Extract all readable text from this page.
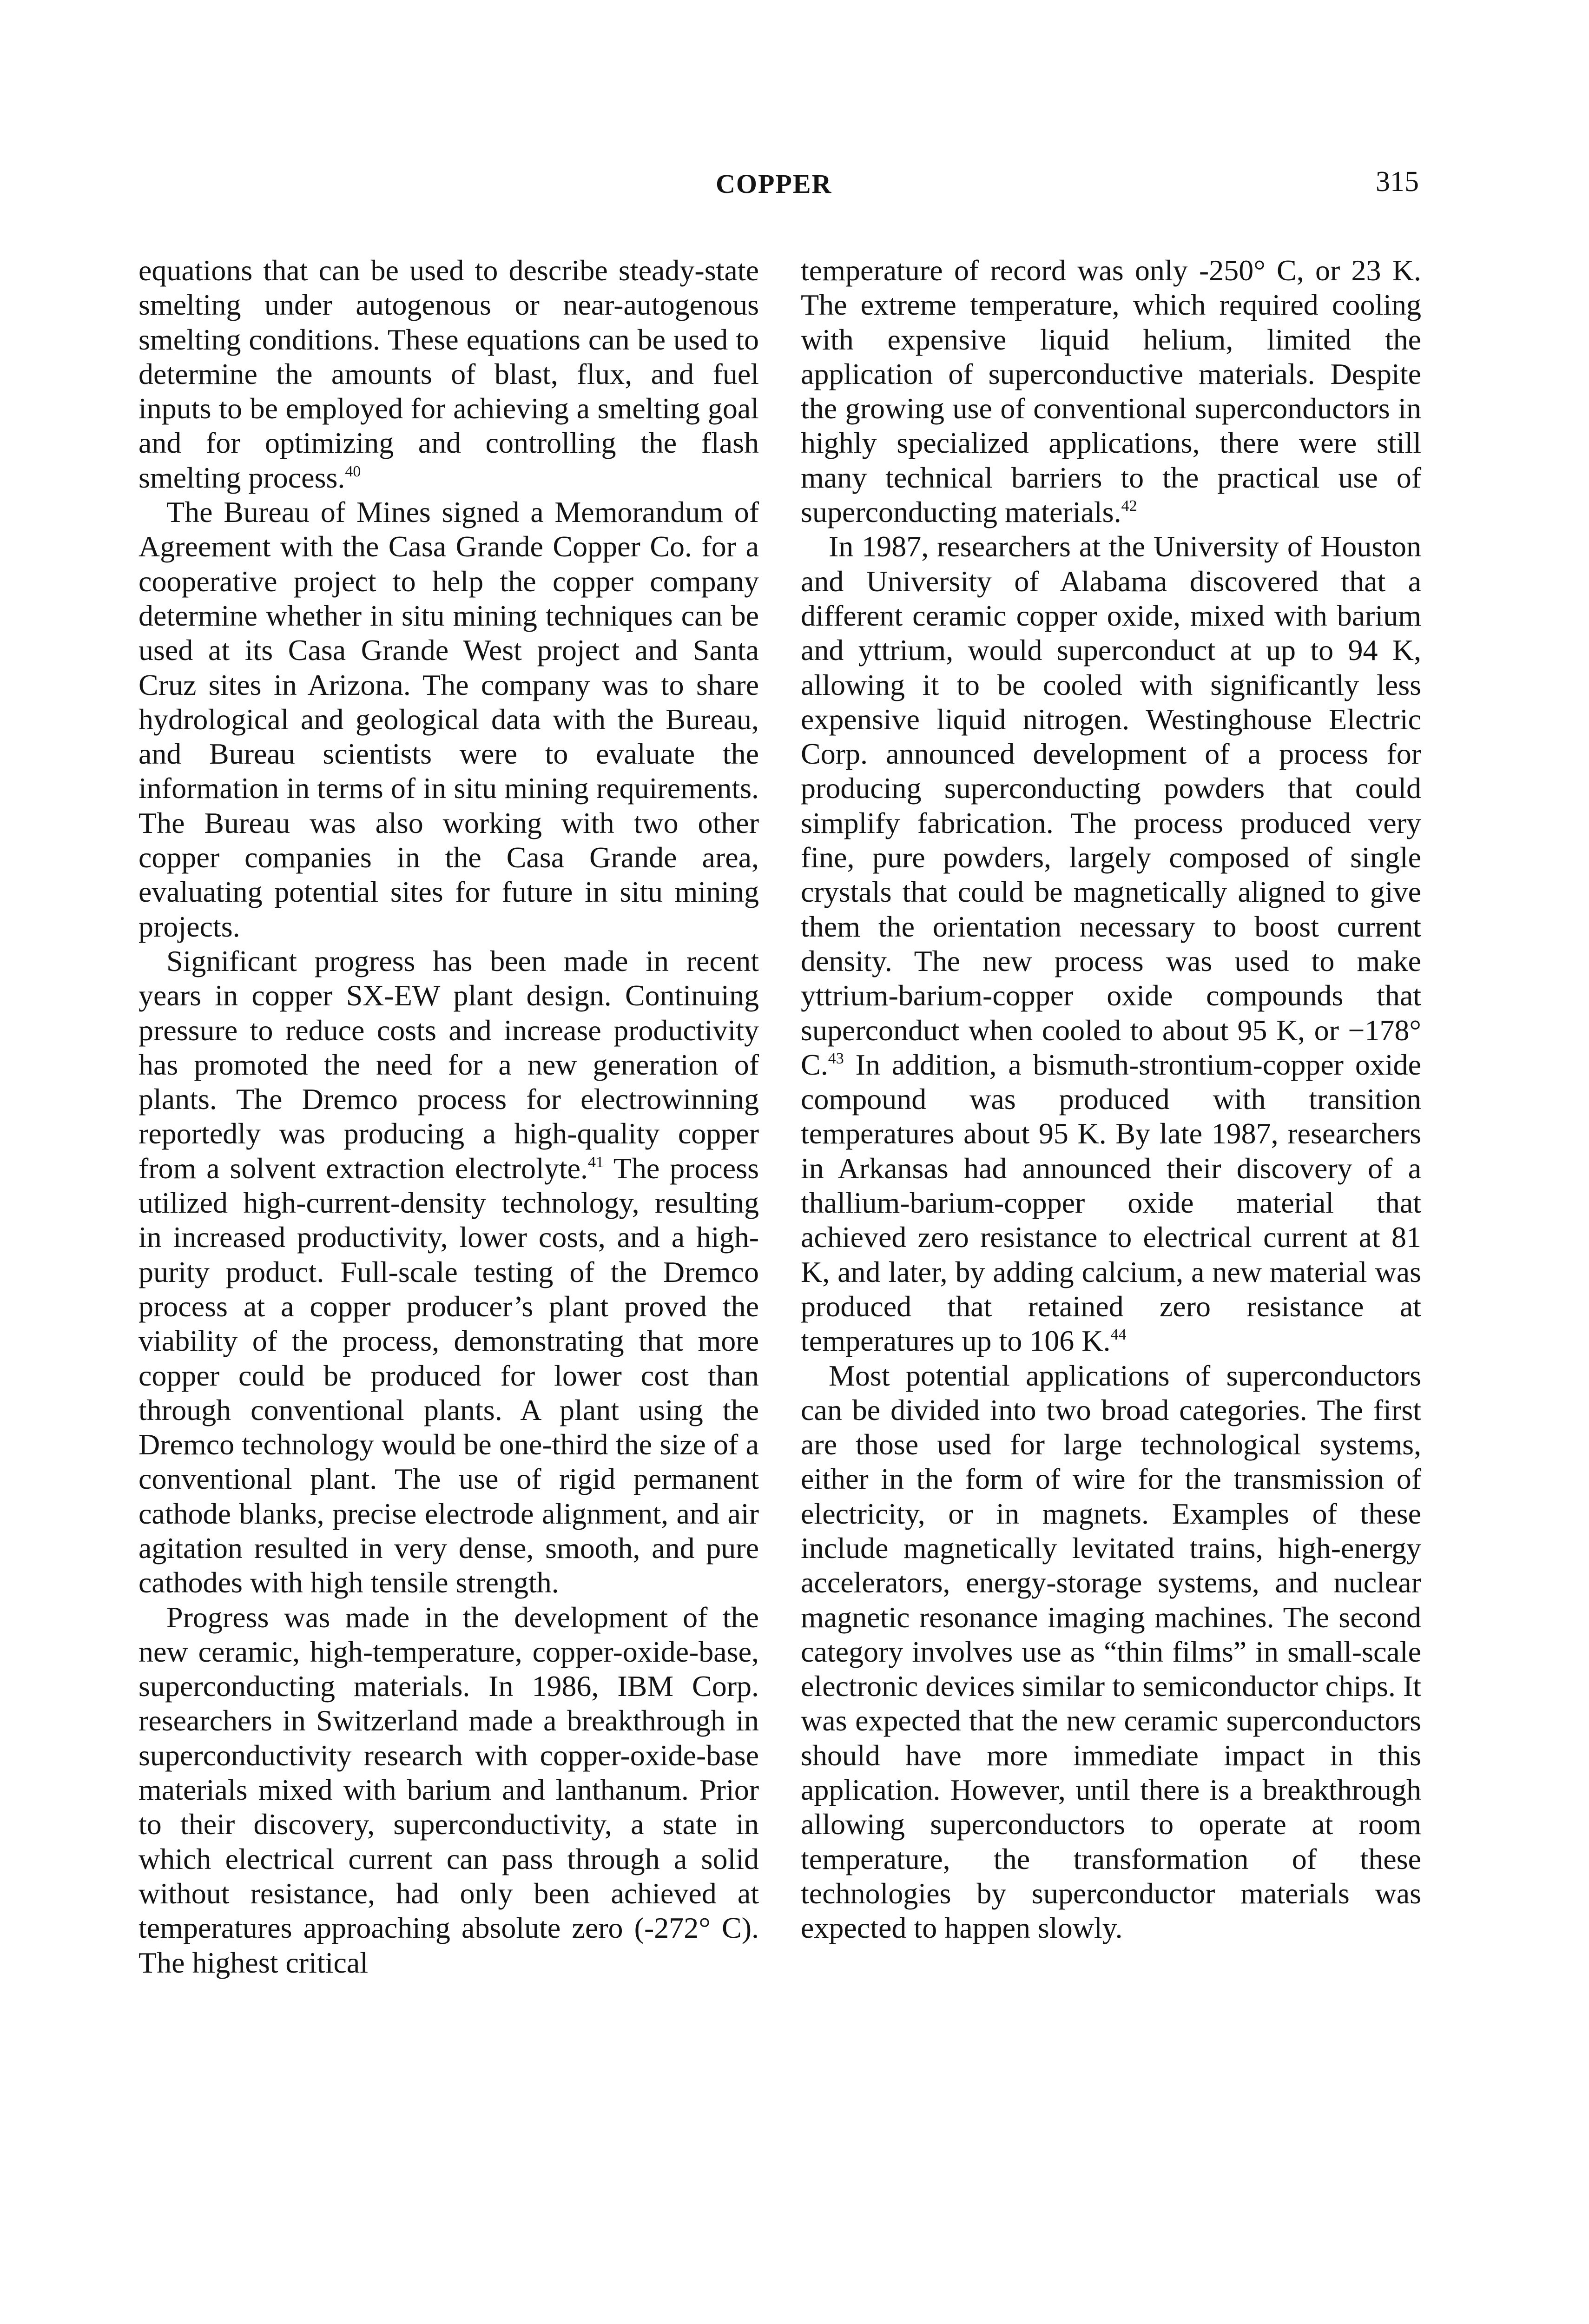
COPPER	315

equations that can be used to describe steady-state smelting under autogenous or near-autogenous smelting conditions. These equations can be used to determine the amounts of blast, flux, and fuel inputs to be employed for achieving a smelting goal and for optimizing and controlling the flash smelting process.$^{40}$

The Bureau of Mines signed a Memorandum of Agreement with the Casa Grande Copper Co. for a cooperative project to help the copper company determine whether in situ mining techniques can be used at its Casa Grande West project and Santa Cruz sites in Arizona. The company was to share hydrological and geological data with the Bureau, and Bureau scientists were to evaluate the information in terms of in situ mining requirements. The Bureau was also working with two other copper companies in the Casa Grande area, evaluating potential sites for future in situ mining projects.

Significant progress has been made in recent years in copper SX-EW plant design. Continuing pressure to reduce costs and increase productivity has promoted the need for a new generation of plants. The Dremco process for electrowinning reportedly was producing a high-quality copper from a solvent extraction electrolyte.$^{41}$ The process utilized high-current-density technology, resulting in increased productivity, lower costs, and a high-purity product. Full-scale testing of the Dremco process at a copper producer’s plant proved the viability of the process, demonstrating that more copper could be produced for lower cost than through conventional plants. A plant using the Dremco technology would be one-third the size of a conventional plant. The use of rigid permanent cathode blanks, precise electrode alignment, and air agitation resulted in very dense, smooth, and pure cathodes with high tensile strength.

Progress was made in the development of the new ceramic, high-temperature, copper-oxide-base, superconducting materials. In 1986, IBM Corp. researchers in Switzerland made a breakthrough in superconductivity research with copper-oxide-base materials mixed with barium and lanthanum. Prior to their discovery, superconductivity, a state in which electrical current can pass through a solid without resistance, had only been achieved at temperatures approaching absolute zero (-272° C). The highest critical

temperature of record was only -250° C, or 23 K. The extreme temperature, which required cooling with expensive liquid helium, limited the application of superconductive materials. Despite the growing use of conventional superconductors in highly specialized applications, there were still many technical barriers to the practical use of superconducting materials.$^{42}$

In 1987, researchers at the University of Houston and University of Alabama discovered that a different ceramic copper oxide, mixed with barium and yttrium, would superconduct at up to 94 K, allowing it to be cooled with significantly less expensive liquid nitrogen. Westinghouse Electric Corp. announced development of a process for producing superconducting powders that could simplify fabrication. The process produced very fine, pure powders, largely composed of single crystals that could be magnetically aligned to give them the orientation necessary to boost current density. The new process was used to make yttrium-barium-copper oxide compounds that superconduct when cooled to about 95 K, or −178° C.$^{43}$ In addition, a bismuth-strontium-copper oxide compound was produced with transition temperatures about 95 K. By late 1987, researchers in Arkansas had announced their discovery of a thallium-barium-copper oxide material that achieved zero resistance to electrical current at 81 K, and later, by adding calcium, a new material was produced that retained zero resistance at temperatures up to 106 K.$^{44}$

Most potential applications of superconductors can be divided into two broad categories. The first are those used for large technological systems, either in the form of wire for the transmission of electricity, or in magnets. Examples of these include magnetically levitated trains, high-energy accelerators, energy-storage systems, and nuclear magnetic resonance imaging machines. The second category involves use as “thin films” in small-scale electronic devices similar to semiconductor chips. It was expected that the new ceramic superconductors should have more immediate impact in this application. However, until there is a breakthrough allowing superconductors to operate at room temperature, the transformation of these technologies by superconductor materials was expected to happen slowly.
